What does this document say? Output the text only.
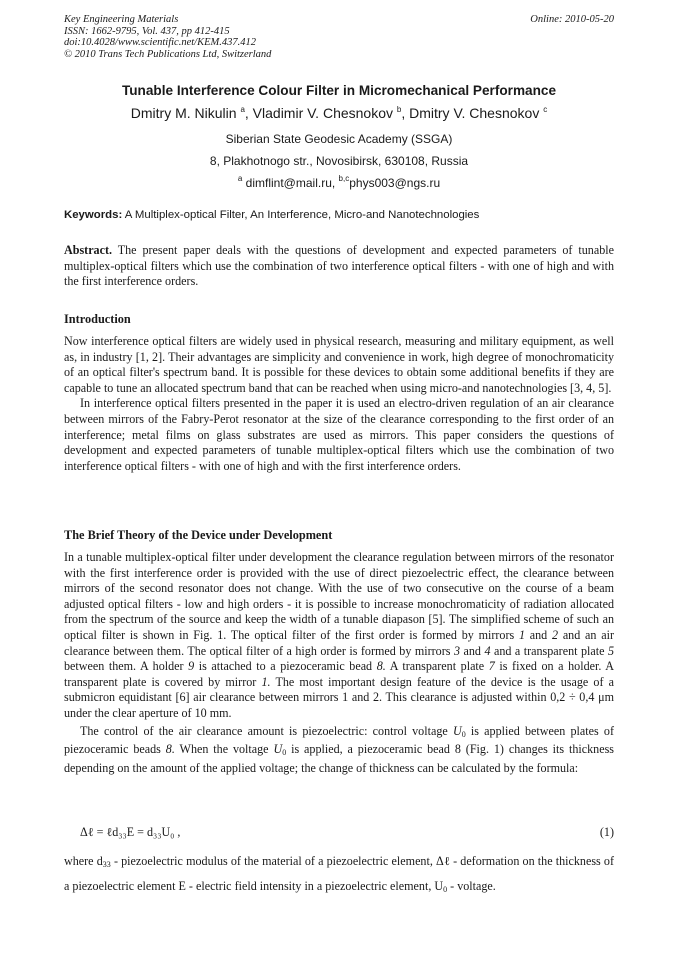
Key Engineering Materials
ISSN: 1662-9795, Vol. 437, pp 412-415
doi:10.4028/www.scientific.net/KEM.437.412
© 2010 Trans Tech Publications Ltd, Switzerland
Online: 2010-05-20
Tunable Interference Colour Filter in Micromechanical Performance
Dmitry M. Nikulin $^a$, Vladimir V. Chesnokov $^b$, Dmitry V. Chesnokov $^c$
Siberian State Geodesic Academy (SSGA)
8, Plakhotnogo str., Novosibirsk, 630108, Russia
$^a$ dimflint@mail.ru, $^{b,c}$phys003@ngs.ru
Keywords: A Multiplex-optical Filter, An Interference, Micro-and Nanotechnologies

Abstract. The present paper deals with the questions of development and expected parameters of tunable multiplex-optical filters which use the combination of two interference optical filters - with one of high and with the first interference orders.

Introduction

Now interference optical filters are widely used in physical research, measuring and military equipment, as well as, in industry [1, 2]. Their advantages are simplicity and convenience in work, high degree of monochromaticity of an optical filter's spectrum band. It is possible for these devices to obtain some additional benefits if they are capable to tune an allocated spectrum band that can be reached when using micro-and nanotechnologies [3, 4, 5].

In interference optical filters presented in the paper it is used an electro-driven regulation of an air clearance between mirrors of the Fabry-Perot resonator at the size of the clearance corresponding to the first order of an interference; metal films on glass substrates are used as mirrors. This paper considers the questions of development and expected parameters of tunable multiplex-optical filters which use the combination of two interference optical filters - with one of high and with the first interference orders.

The Brief Theory of the Device under Development

In a tunable multiplex-optical filter under development the clearance regulation between mirrors of the resonator with the first interference order is provided with the use of direct piezoelectric effect, the clearance between mirrors of the second resonator does not change. With the use of two consecutive on the course of a beam adjusted optical filters - low and high orders - it is possible to increase monochromaticity of radiation allocated from the spectrum of the source and keep the width of a tunable diapason [5]. The simplified scheme of such an optical filter is shown in Fig. 1. The optical filter of the first order is formed by mirrors 1 and 2 and an air clearance between them. The optical filter of a high order is formed by mirrors 3 and 4 and a transparent plate 5 between them. A holder 9 is attached to a piezoceramic bead 8. A transparent plate 7 is fixed on a holder. A transparent plate is covered by mirror 1. The most important design feature of the device is the usage of a submicron equidistant [6] air clearance between mirrors 1 and 2. This clearance is adjusted within 0,2 ÷ 0,4 μm under the clear aperture of 10 mm.

The control of the air clearance amount is piezoelectric: control voltage $U_0$ is applied between plates of piezoceramic beads 8. When the voltage $U_0$ is applied, a piezoceramic bead 8 (Fig. 1) changes its thickness depending on the amount of the applied voltage; the change of thickness can be calculated by the formula:

Δℓ = ℓd₃₃E = d₃₃U₀ ,	(1)

where $d_{33}$ - piezoelectric modulus of the material of a piezoelectric element, Δℓ - deformation on the thickness of a piezoelectric element E - electric field intensity in a piezoelectric element, $U_0$ - voltage.
